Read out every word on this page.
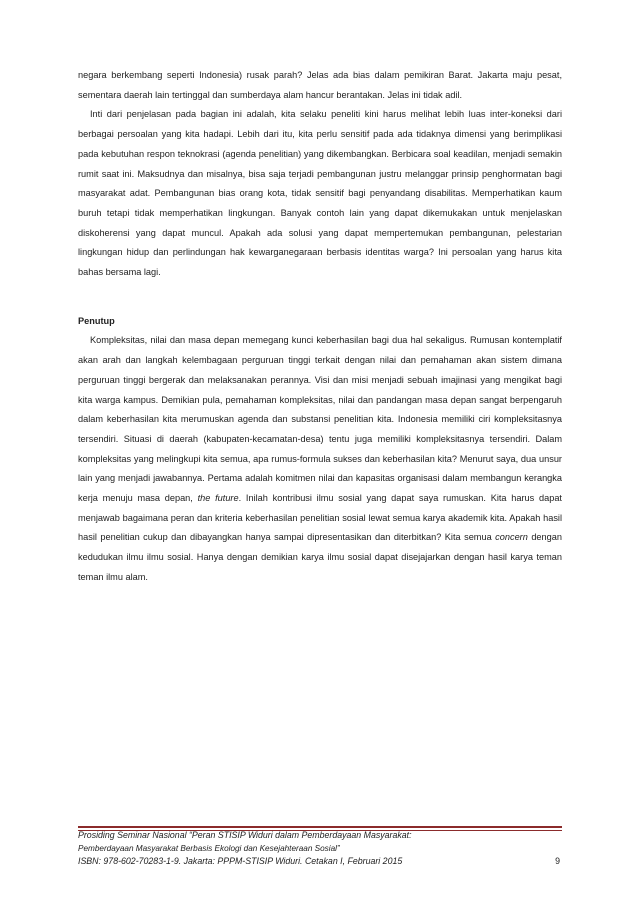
negara berkembang seperti Indonesia) rusak parah? Jelas ada bias dalam pemikiran Barat. Jakarta maju pesat, sementara daerah lain tertinggal dan sumberdaya alam hancur berantakan. Jelas ini tidak adil.

Inti dari penjelasan pada bagian ini adalah, kita selaku peneliti kini harus melihat lebih luas inter-koneksi dari berbagai persoalan yang kita hadapi. Lebih dari itu, kita perlu sensitif pada ada tidaknya dimensi yang berimplikasi pada kebutuhan respon teknokrasi (agenda penelitian) yang dikembangkan. Berbicara soal keadilan, menjadi semakin rumit saat ini. Maksudnya dan misalnya, bisa saja terjadi pembangunan justru melanggar prinsip penghormatan bagi masyarakat adat. Pembangunan bias orang kota, tidak sensitif bagi penyandang disabilitas. Memperhatikan kaum buruh tetapi tidak memperhatikan lingkungan. Banyak contoh lain yang dapat dikemukakan untuk menjelaskan diskoherensi yang dapat muncul. Apakah ada solusi yang dapat mempertemukan pembangunan, pelestarian lingkungan hidup dan perlindungan hak kewarganegaraan berbasis identitas warga? Ini persoalan yang harus kita bahas bersama lagi.

Penutup

Kompleksitas, nilai dan masa depan memegang kunci keberhasilan bagi dua hal sekaligus. Rumusan kontemplatif akan arah dan langkah kelembagaan perguruan tinggi terkait dengan nilai dan pemahaman akan sistem dimana perguruan tinggi bergerak dan melaksanakan perannya. Visi dan misi menjadi sebuah imajinasi yang mengikat bagi kita warga kampus. Demikian pula, pemahaman kompleksitas, nilai dan pandangan masa depan sangat berpengaruh dalam keberhasilan kita merumuskan agenda dan substansi penelitian kita. Indonesia memiliki ciri kompleksitasnya tersendiri. Situasi di daerah (kabupaten-kecamatan-desa) tentu juga memiliki kompleksitasnya tersendiri. Dalam kompleksitas yang melingkupi kita semua, apa rumus-formula sukses dan keberhasilan kita? Menurut saya, dua unsur lain yang menjadi jawabannya. Pertama adalah komitmen nilai dan kapasitas organisasi dalam membangun kerangka kerja menuju masa depan, the future. Inilah kontribusi ilmu sosial yang dapat saya rumuskan. Kita harus dapat menjawab bagaimana peran dan kriteria keberhasilan penelitian sosial lewat semua karya akademik kita. Apakah hasil hasil penelitian cukup dan dibayangkan hanya sampai dipresentasikan dan diterbitkan? Kita semua concern dengan kedudukan ilmu ilmu sosial. Hanya dengan demikian karya ilmu sosial dapat disejajarkan dengan hasil karya teman teman ilmu alam.

Prosiding Seminar Nasional “Peran STISIP Widuri dalam Pemberdayaan Masyarakat:
Pemberdayaan Masyarakat Berbasis Ekologi dan Kesejahteraan Sosial”
ISBN: 978-602-70283-1-9. Jakarta: PPPM-STISIP Widuri. Cetakan I, Februari 2015	9
